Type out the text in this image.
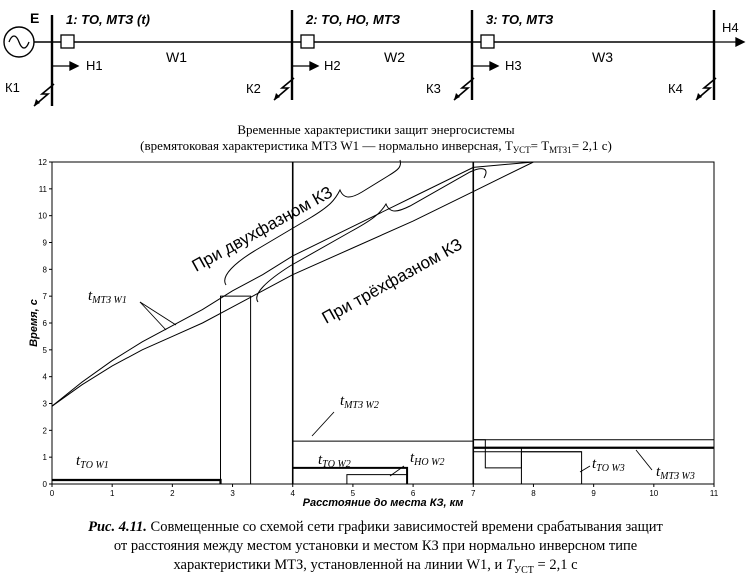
E 1: ТО, МТЗ (t)	2: ТО, НО, МТЗ	3: ТО, МТЗ
Н1	Н2	Н3
Н4
W1	W2	W3
К1	К2	К3	К4
Временные характеристики защит энергосистемы
(времятоковая характеристика МТЗ W1 — нормально инверсная, $Т_{УСТ}= Т_{МТЗ1}= 2,1$ с)
0	1	2	3	4	5	6	7	8	9	10	11
0
1
2
3
4
5
6
7
8
9
10
11
12
Расстояние до места КЗ, км
Время, с
При двухфазном КЗ
При трёхфазном КЗ
$t_{МТЗ W1}$
$t_{МТЗ W2}$
$t_{ТО W1}$	$t_{ТО W2}$	$t_{НО W2}$	$t_{ТО W3}$ $t_{МТЗ W3}$
Рис. 4.11. Совмещенные со схемой сети графики зависимостей времени срабатывания защит
от расстояния между местом установки и местом КЗ при нормально инверсном типе
характеристики МТЗ, установленной на линии W1, и $Т_{УСТ} = 2,1$ с
